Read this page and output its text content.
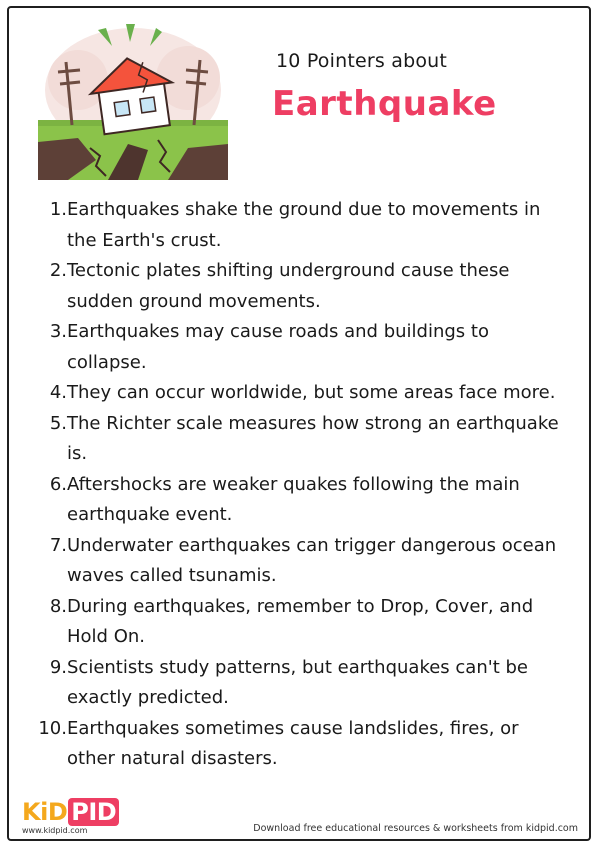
10 Pointers about
Earthquake
1. Earthquakes shake the ground due to movements in
the Earth's crust.
2. Tectonic plates shifting underground cause these
sudden ground movements.
3. Earthquakes may cause roads and buildings to
collapse.
4. They can occur worldwide, but some areas face more.
5. The Richter scale measures how strong an earthquake
is.
6. Aftershocks are weaker quakes following the main
earthquake event.
7. Underwater earthquakes can trigger dangerous ocean
waves called tsunamis.
8. During earthquakes, remember to Drop, Cover, and
Hold On.
9. Scientists study patterns, but earthquakes can't be
exactly predicted.
10. Earthquakes sometimes cause landslides, fires, or
other natural disasters.
KiD PID
www.kidpid.com	Download free educational resources & worksheets from kidpid.com
